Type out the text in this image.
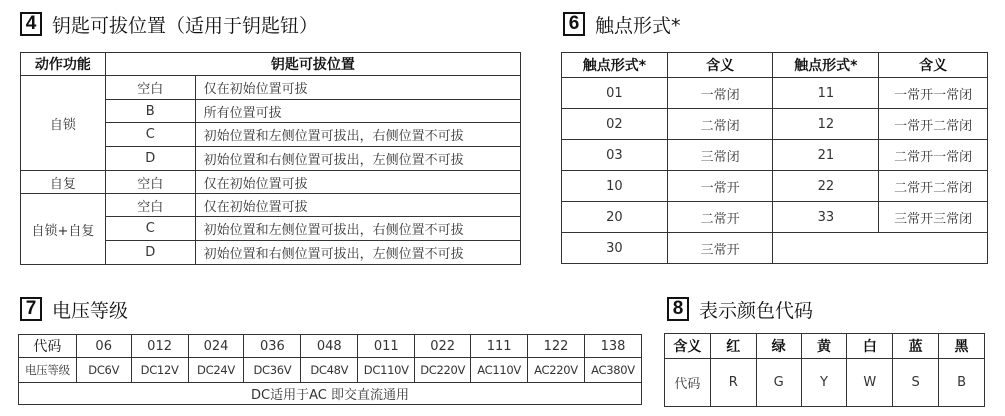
4 钥匙可拔位置（适用于钥匙钮）
动作功能	钥匙可拔位置	
自锁	空白	仅在初始位置可拔
	B	所有位置可拔
	C	初始位置和左侧位置可拔出，右侧位置不可拔
	D	初始位置和右侧位置可拔出，左侧位置不可拔
自复	空白	仅在初始位置可拔
自锁+自复	空白	仅在初始位置可拔
	C	初始位置和左侧位置可拔出，右侧位置不可拔
	D	初始位置和右侧位置可拔出，左侧位置不可拔
6 触点形式*
触点形式*	含义	触点形式*	含义
01	一常闭	11	一常开一常闭
02	二常闭	12	一常开二常闭
03	三常闭	21	二常开一常闭
10	一常开	22	二常开二常闭
20	二常开	33	三常开三常闭
30	三常开		
7 电压等级
代码	06	012	024	036	048	011	022	111	122	138
电压等级	DC6V	DC12V	DC24V	DC36V	DC48V	DC110V	DC220V	AC110V	AC220V	AC380V
DC适用于AC 即交直流通用										
8 表示颜色代码
含义	红	绿	黄	白	蓝	黑
代码	R	G	Y	W	S	B
